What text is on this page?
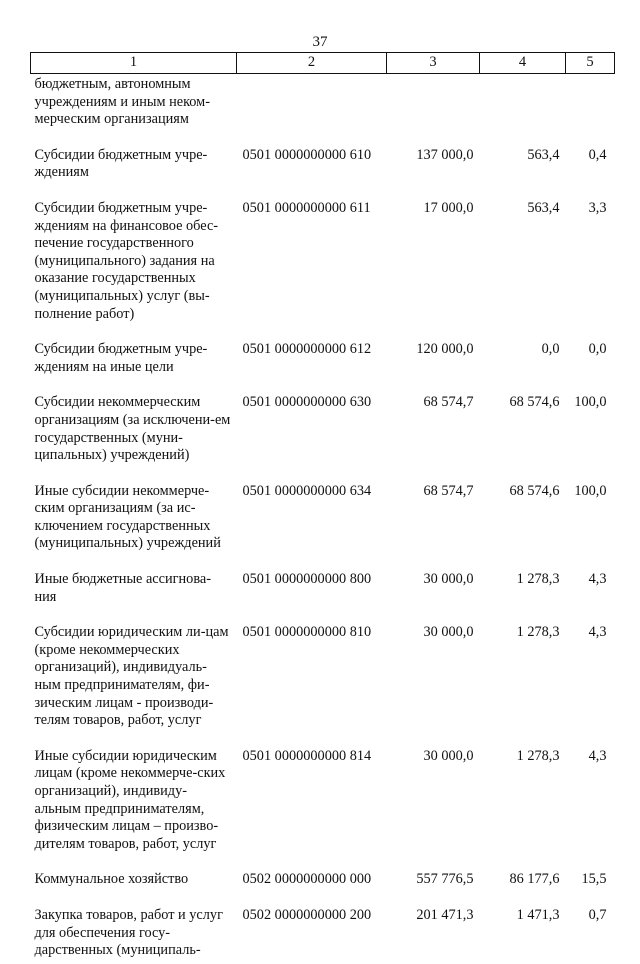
37
1	2	3	4	5
бюджетным, автономным учреждениям и иным неком-мерческим организациям				
Субсидии бюджетным учре-ждениям	0501 0000000000 610	137 000,0	563,4	0,4
Субсидии бюджетным учре-ждениям на финансовое обес-печение государственного (муниципального) задания на оказание государственных (муниципальных) услуг (вы-полнение работ)	0501 0000000000 611	17 000,0	563,4	3,3
Субсидии бюджетным учре-ждениям на иные цели	0501 0000000000 612	120 000,0	0,0	0,0
Субсидии некоммерческим организациям (за исключени-ем государственных (муни-ципальных) учреждений)	0501 0000000000 630	68 574,7	68 574,6	100,0
Иные субсидии некоммерче-ским организациям (за ис-ключением государственных (муниципальных) учреждений	0501 0000000000 634	68 574,7	68 574,6	100,0
Иные бюджетные ассигнова-ния	0501 0000000000 800	30 000,0	1 278,3	4,3
Субсидии юридическим ли-цам (кроме некоммерческих организаций), индивидуаль-ным предпринимателям, фи-зическим лицам - производи-телям товаров, работ, услуг	0501 0000000000 810	30 000,0	1 278,3	4,3
Иные субсидии юридическим лицам (кроме некоммерче-ских организаций), индивиду-альным предпринимателям, физическим лицам – произво-дителям товаров, работ, услуг	0501 0000000000 814	30 000,0	1 278,3	4,3
Коммунальное хозяйство	0502 0000000000 000	557 776,5	86 177,6	15,5
Закупка товаров, работ и услуг для обеспечения госу-дарственных (муниципаль-	0502 0000000000 200	201 471,3	1 471,3	0,7
